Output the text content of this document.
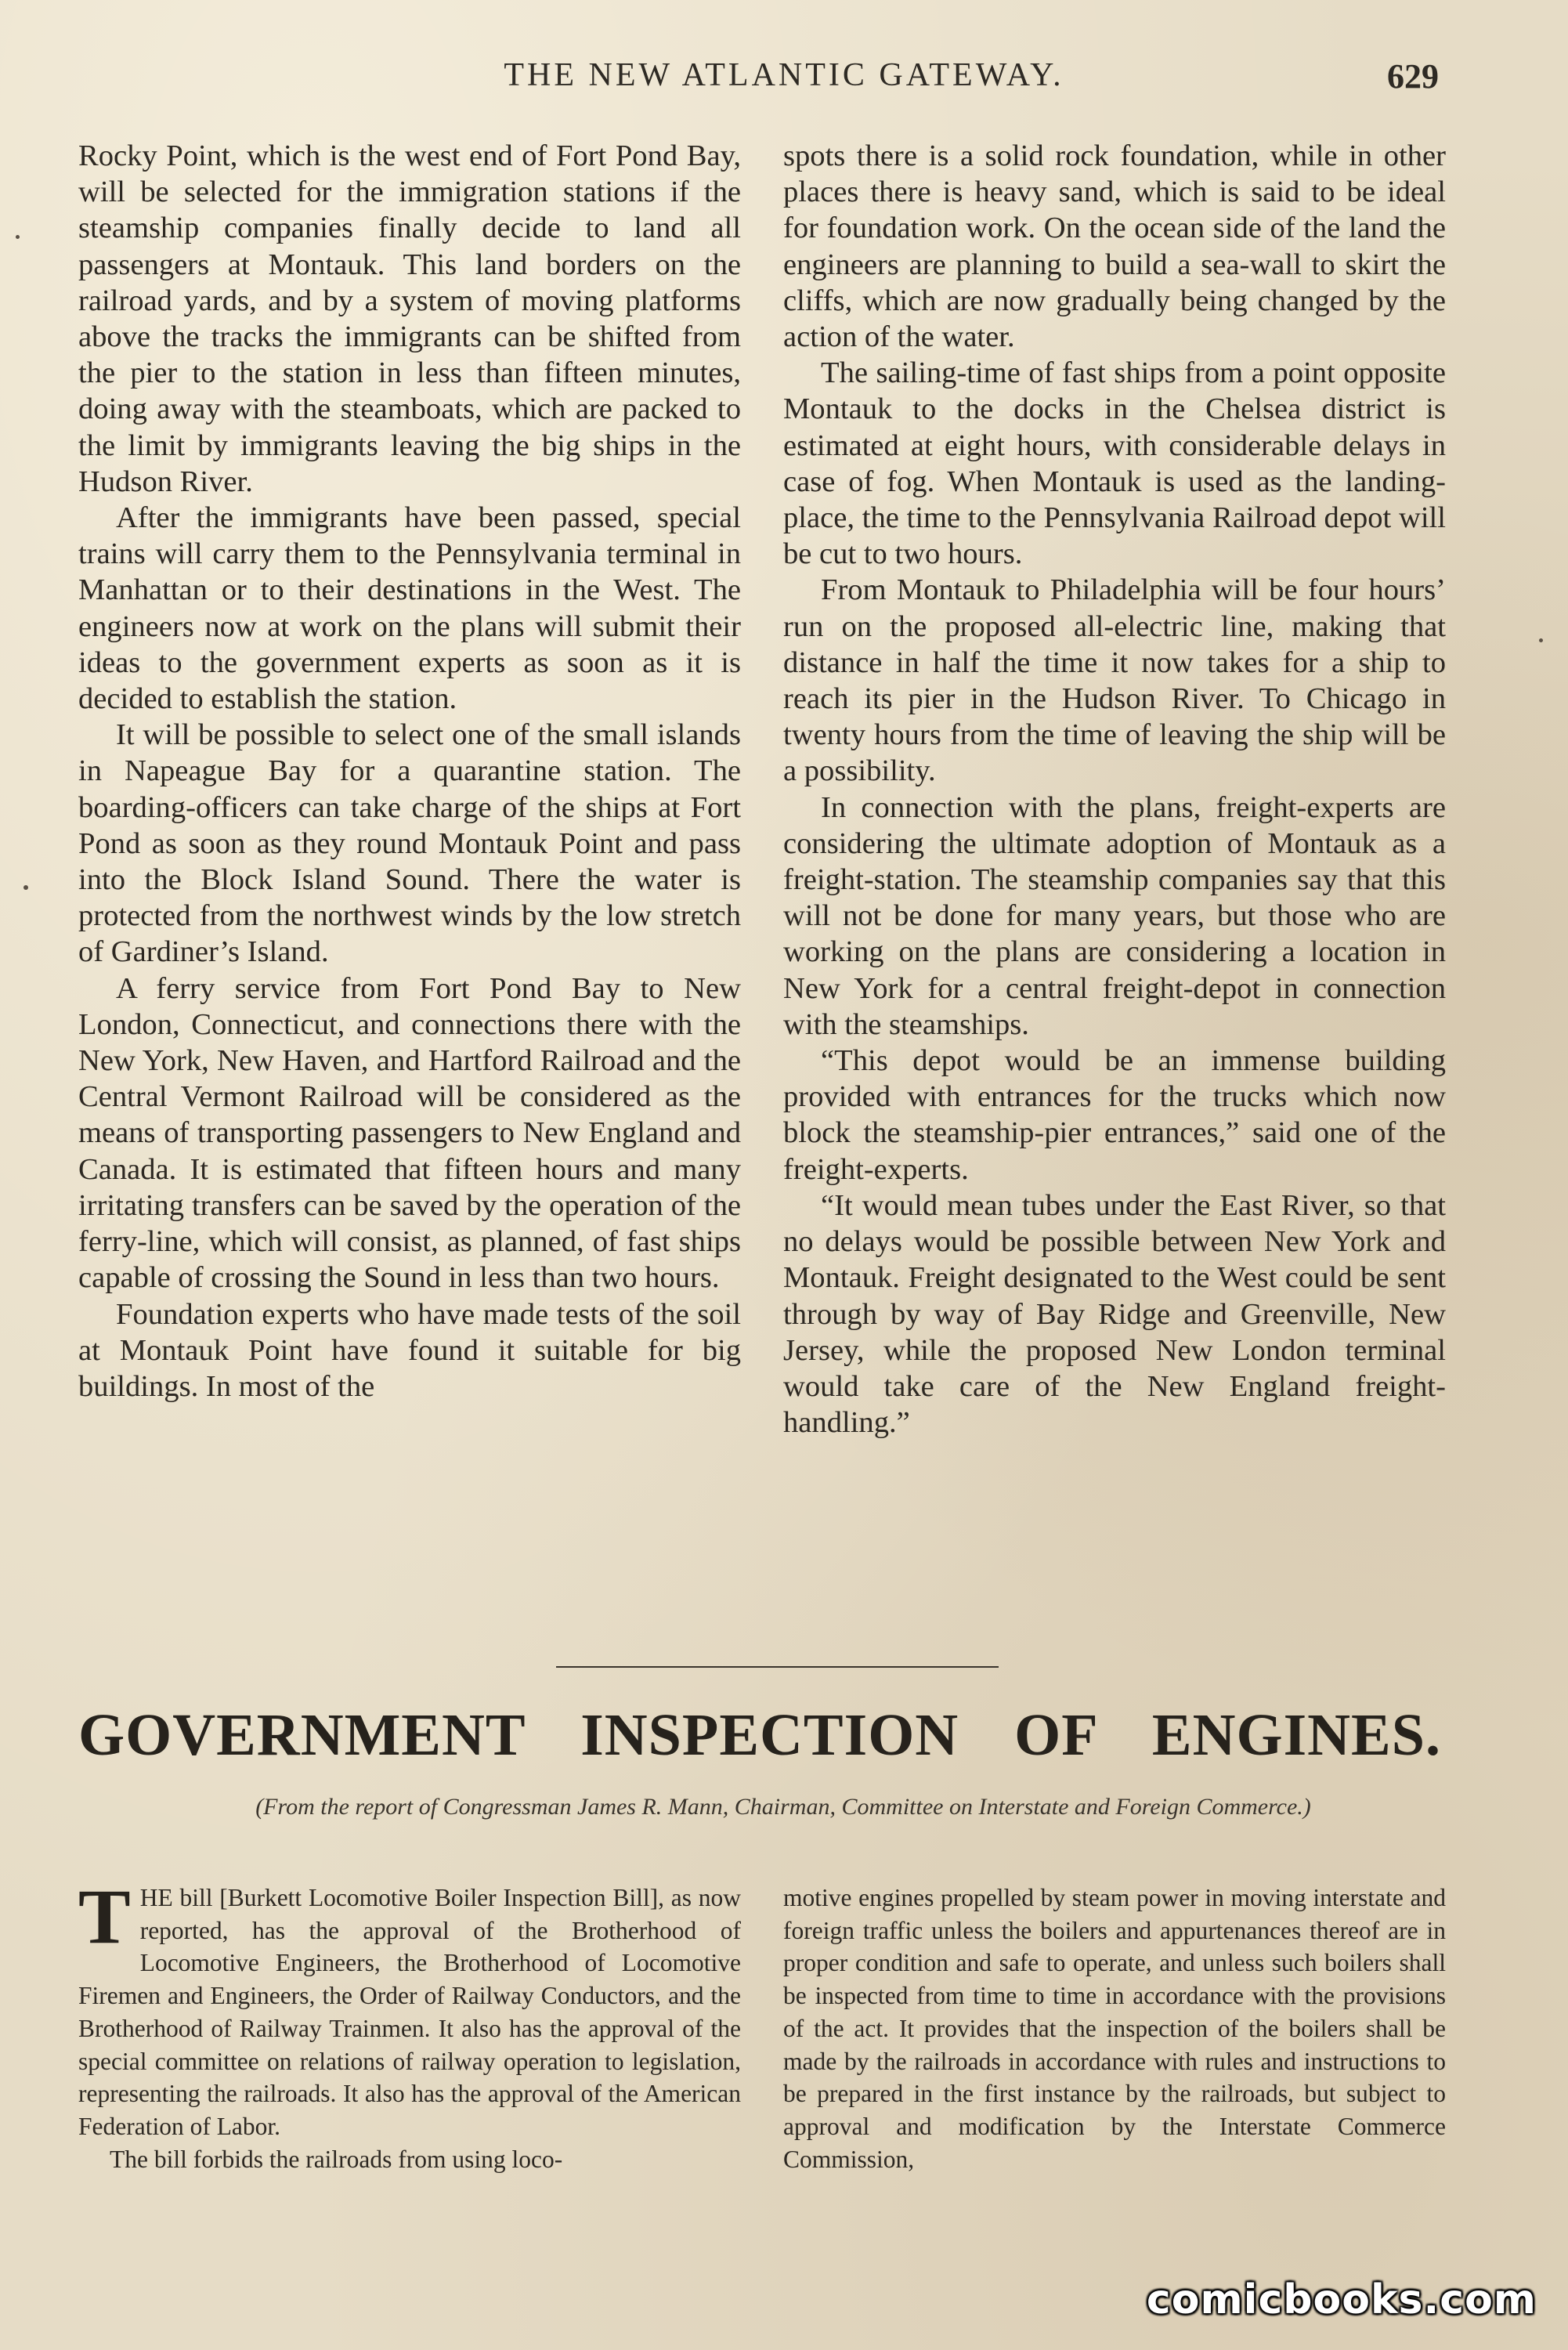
THE NEW ATLANTIC GATEWAY.	629

Rocky Point, which is the west end of Fort Pond Bay, will be selected for the immigration stations if the steamship companies finally decide to land all passengers at Montauk. This land borders on the railroad yards, and by a system of moving platforms above the tracks the immigrants can be shifted from the pier to the station in less than fifteen minutes, doing away with the steamboats, which are packed to the limit by immigrants leaving the big ships in the Hudson River.

After the immigrants have been passed, special trains will carry them to the Pennsylvania terminal in Manhattan or to their destinations in the West. The engineers now at work on the plans will submit their ideas to the government experts as soon as it is decided to establish the station.

It will be possible to select one of the small islands in Napeague Bay for a quarantine station. The boarding-officers can take charge of the ships at Fort Pond as soon as they round Montauk Point and pass into the Block Island Sound. There the water is protected from the northwest winds by the low stretch of Gardiner’s Island.

A ferry service from Fort Pond Bay to New London, Connecticut, and connections there with the New York, New Haven, and Hartford Railroad and the Central Vermont Railroad will be considered as the means of transporting passengers to New England and Canada. It is estimated that fifteen hours and many irritating transfers can be saved by the operation of the ferry-line, which will consist, as planned, of fast ships capable of crossing the Sound in less than two hours.

Foundation experts who have made tests of the soil at Montauk Point have found it suitable for big buildings. In most of the

spots there is a solid rock foundation, while in other places there is heavy sand, which is said to be ideal for foundation work. On the ocean side of the land the engineers are planning to build a sea-wall to skirt the cliffs, which are now gradually being changed by the action of the water.

The sailing-time of fast ships from a point opposite Montauk to the docks in the Chelsea district is estimated at eight hours, with considerable delays in case of fog. When Montauk is used as the landing-place, the time to the Pennsylvania Railroad depot will be cut to two hours.

From Montauk to Philadelphia will be four hours’ run on the proposed all-electric line, making that distance in half the time it now takes for a ship to reach its pier in the Hudson River. To Chicago in twenty hours from the time of leaving the ship will be a possibility.

In connection with the plans, freight-experts are considering the ultimate adoption of Montauk as a freight-station. The steamship companies say that this will not be done for many years, but those who are working on the plans are considering a location in New York for a central freight-depot in connection with the steamships.

“This depot would be an immense building provided with entrances for the trucks which now block the steamship-pier entrances,” said one of the freight-experts.

“It would mean tubes under the East River, so that no delays would be possible between New York and Montauk. Freight designated to the West could be sent through by way of Bay Ridge and Greenville, New Jersey, while the proposed New London terminal would take care of the New England freight-handling.”

GOVERNMENT INSPECTION OF ENGINES.
(From the report of Congressman James R. Mann, Chairman, Committee on Interstate and Foreign Commerce.)

THE bill [Burkett Locomotive Boiler Inspection Bill], as now reported, has the approval of the Brotherhood of Locomotive Engineers, the Brotherhood of Locomotive Firemen and Engineers, the Order of Railway Conductors, and the Brotherhood of Railway Trainmen. It also has the approval of the special committee on relations of railway operation to legislation, representing the railroads. It also has the approval of the American Federation of Labor.

The bill forbids the railroads from using loco-

motive engines propelled by steam power in moving interstate and foreign traffic unless the boilers and appurtenances thereof are in proper condition and safe to operate, and unless such boilers shall be inspected from time to time in accordance with the provisions of the act. It provides that the inspection of the boilers shall be made by the railroads in accordance with rules and instructions to be prepared in the first instance by the railroads, but subject to approval and modification by the Interstate Commerce Commission,

comicbooks.com
